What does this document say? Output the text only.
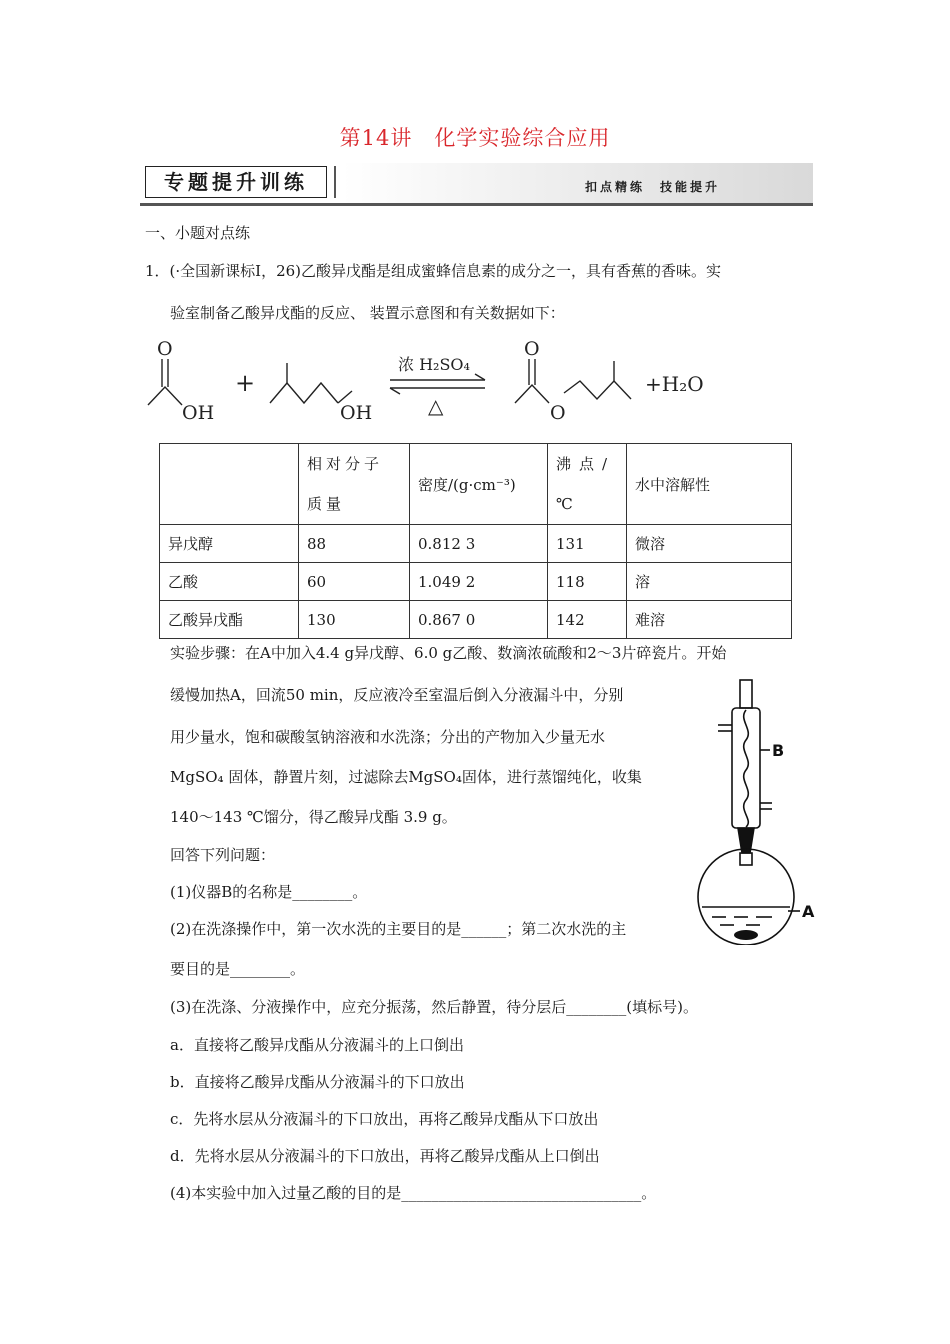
第14讲　化学实验综合应用
专题提升训练	扣点精练　技能提升
一、小题对点练
1．(·全国新课标Ⅰ，26)乙酸异戊酯是组成蜜蜂信息素的成分之一，具有香蕉的香味。实
验室制备乙酸异戊酯的反应、 装置示意图和有关数据如下：
O
OH
+
OH
浓 H₂SO₄
△
O
O
+H₂O
	相对分子质量	密度/(g·cm⁻³)	沸点/℃	水中溶解性
异戊醇	88	0.812 3	131	微溶
乙酸	60	1.049 2	118	溶
乙酸异戊酯	130	0.867 0	142	难溶
实验步骤：在A中加入4.4 g异戊醇、6.0 g乙酸、数滴浓硫酸和2～3片碎瓷片。开始
缓慢加热A，回流50 min，反应液冷至室温后倒入分液漏斗中，分别
用少量水，饱和碳酸氢钠溶液和水洗涤；分出的产物加入少量无水
MgSO₄ 固体，静置片刻，过滤除去MgSO₄固体，进行蒸馏纯化，收集
140～143 ℃馏分，得乙酸异戊酯 3.9 g。
回答下列问题：
(1)仪器B的名称是________。
(2)在洗涤操作中，第一次水洗的主要目的是______；第二次水洗的主
要目的是________。
(3)在洗涤、分液操作中，应充分振荡，然后静置，待分层后________(填标号)。
a．直接将乙酸异戊酯从分液漏斗的上口倒出
b．直接将乙酸异戊酯从分液漏斗的下口放出
c．先将水层从分液漏斗的下口放出，再将乙酸异戊酯从下口放出
d．先将水层从分液漏斗的下口放出，再将乙酸异戊酯从上口倒出
(4)本实验中加入过量乙酸的目的是________________________________。
B
A
